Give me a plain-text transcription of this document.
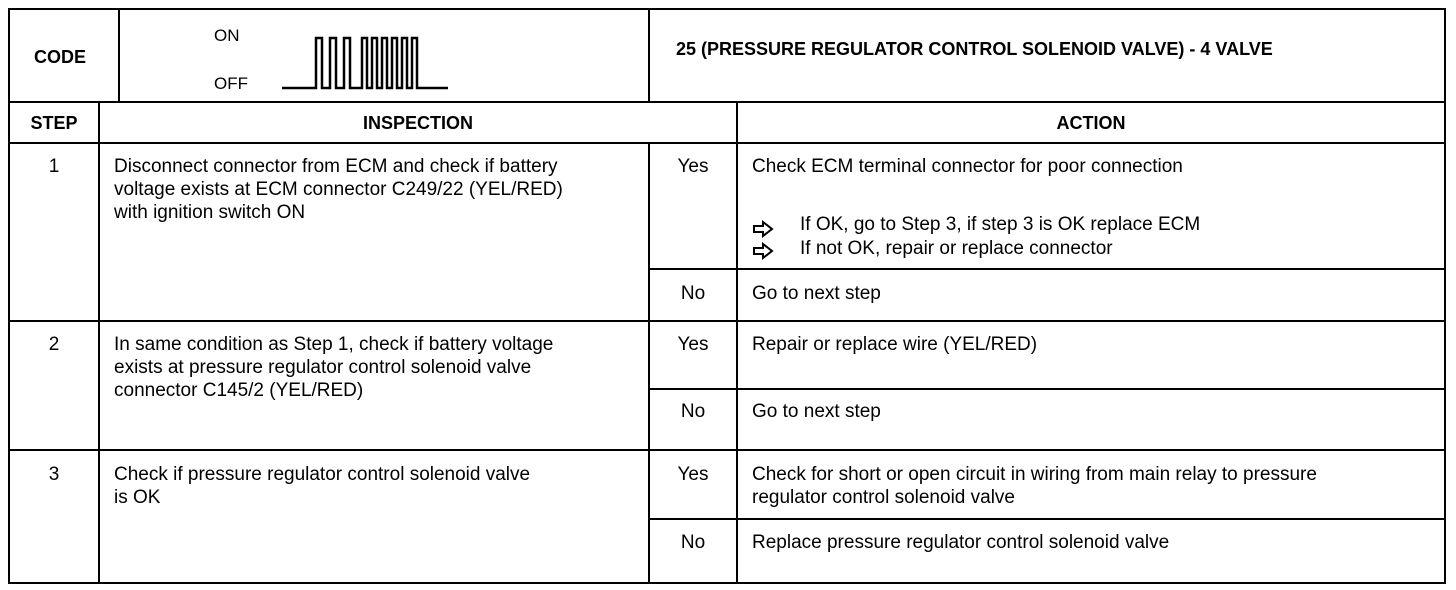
CODE
ON
OFF
25 (PRESSURE REGULATOR CONTROL SOLENOID VALVE) - 4 VALVE
STEP	INSPECTION	ACTION
1	Disconnect connector from ECM and check if battery
voltage exists at ECM connector C249/22 (YEL/RED)
with ignition switch ON
Yes	Check ECM terminal connector for poor connection
If OK, go to Step 3, if step 3 is OK replace ECM
If not OK, repair or replace connector
No	Go to next step
2	In same condition as Step 1, check if battery voltage
exists at pressure regulator control solenoid valve
connector C145/2 (YEL/RED)
Yes	Repair or replace wire (YEL/RED)
No	Go to next step
3	Check if pressure regulator control solenoid valve
is OK
Yes	Check for short or open circuit in wiring from main relay to pressure
regulator control solenoid valve
No	Replace pressure regulator control solenoid valve
